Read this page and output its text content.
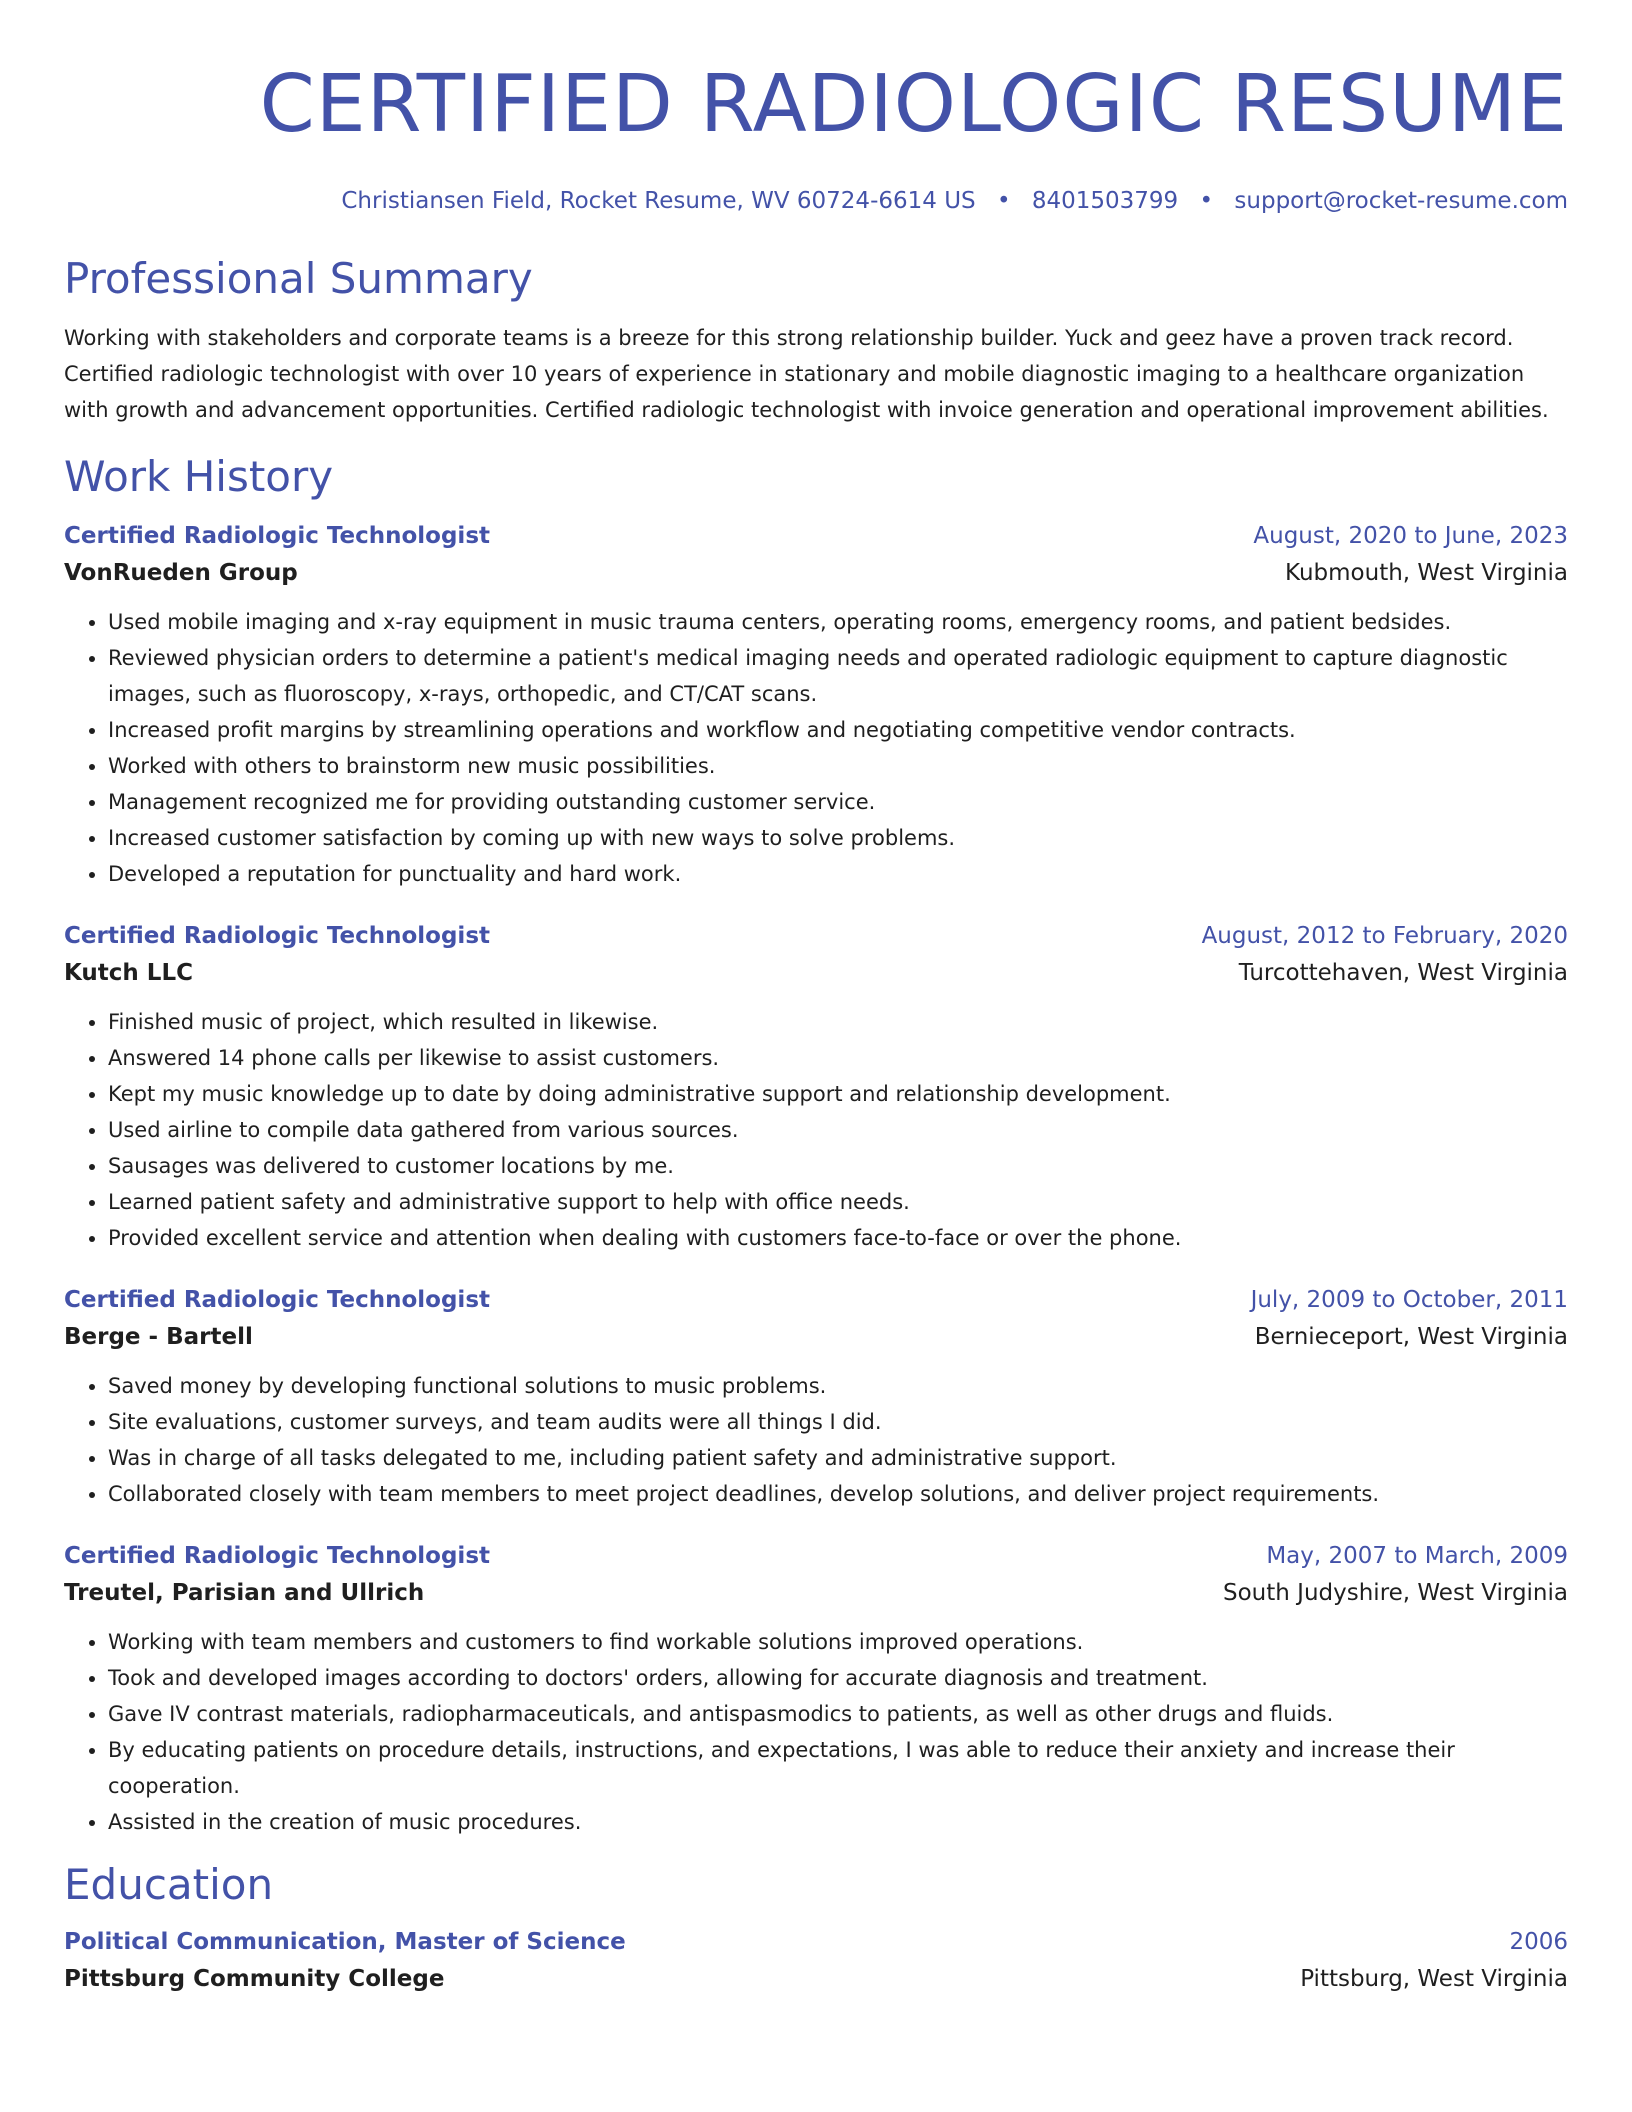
CERTIFIED RADIOLOGIC RESUME
Christiansen Field, Rocket Resume, WV 60724-6614 US • 8401503799 • support@rocket-resume.com
Professional Summary

Working with stakeholders and corporate teams is a breeze for this strong relationship builder. Yuck and geez have a proven track record. Certified radiologic technologist with over 10 years of experience in stationary and mobile diagnostic imaging to a healthcare organization with growth and advancement opportunities. Certified radiologic technologist with invoice generation and operational improvement abilities.

Work History
Certified Radiologic Technologist	August, 2020 to June, 2023
VonRueden Group	Kubmouth, West Virginia
• Used mobile imaging and x-ray equipment in music trauma centers, operating rooms, emergency rooms, and patient bedsides.
• Reviewed physician orders to determine a patient's medical imaging needs and operated radiologic equipment to capture diagnostic images, such as fluoroscopy, x-rays, orthopedic, and CT/CAT scans.
• Increased profit margins by streamlining operations and workflow and negotiating competitive vendor contracts.
• Worked with others to brainstorm new music possibilities.
• Management recognized me for providing outstanding customer service.
• Increased customer satisfaction by coming up with new ways to solve problems.
• Developed a reputation for punctuality and hard work.
Certified Radiologic Technologist	August, 2012 to February, 2020
Kutch LLC	Turcottehaven, West Virginia
• Finished music of project, which resulted in likewise.
• Answered 14 phone calls per likewise to assist customers.
• Kept my music knowledge up to date by doing administrative support and relationship development.
• Used airline to compile data gathered from various sources.
• Sausages was delivered to customer locations by me.
• Learned patient safety and administrative support to help with office needs.
• Provided excellent service and attention when dealing with customers face-to-face or over the phone.
Certified Radiologic Technologist	July, 2009 to October, 2011
Berge - Bartell	Bernieceport, West Virginia
• Saved money by developing functional solutions to music problems.
• Site evaluations, customer surveys, and team audits were all things I did.
• Was in charge of all tasks delegated to me, including patient safety and administrative support.
• Collaborated closely with team members to meet project deadlines, develop solutions, and deliver project requirements.
Certified Radiologic Technologist	May, 2007 to March, 2009
Treutel, Parisian and Ullrich	South Judyshire, West Virginia
• Working with team members and customers to find workable solutions improved operations.
• Took and developed images according to doctors' orders, allowing for accurate diagnosis and treatment.
• Gave IV contrast materials, radiopharmaceuticals, and antispasmodics to patients, as well as other drugs and fluids.
• By educating patients on procedure details, instructions, and expectations, I was able to reduce their anxiety and increase their cooperation.
• Assisted in the creation of music procedures.
Education
Political Communication, Master of Science	2006
Pittsburg Community College	Pittsburg, West Virginia
